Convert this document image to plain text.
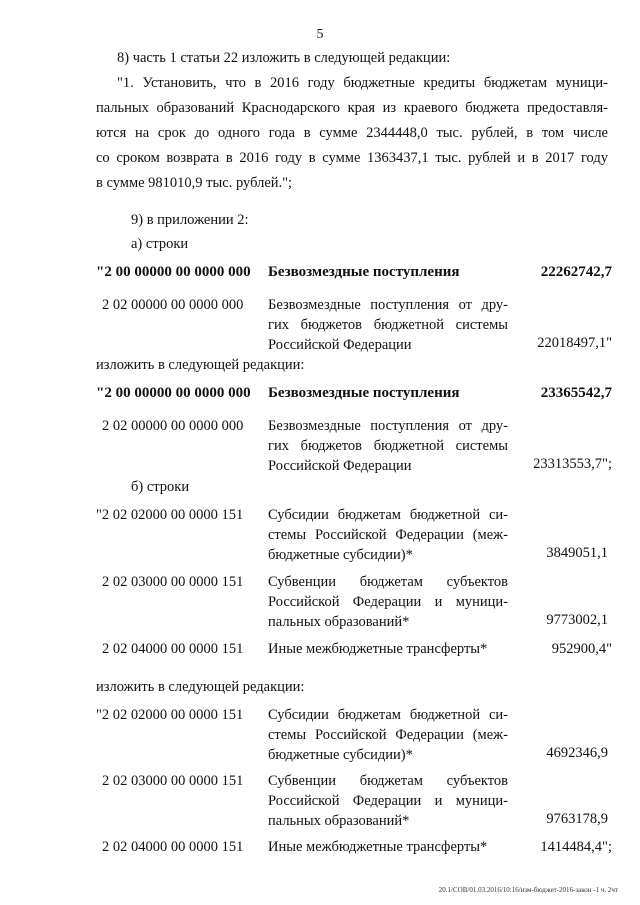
5
8) часть 1 статьи 22 изложить в следующей редакции:
"1. Установить, что в 2016 году бюджетные кредиты бюджетам муници-
пальных образований Краснодарского края из краевого бюджета предоставля-
ются на срок до одного года в сумме 2344448,0 тыс. рублей, в том числе
со сроком возврата в 2016 году в сумме 1363437,1 тыс. рублей и в 2017 году
в сумме 981010,9 тыс. рублей.";
9) в приложении 2:
а) строки
"2 00 00000 00 0000 000	Безвозмездные поступления	22262742,7
2 02 00000 00 0000 000	Безвозмездные поступления от дру-
гих бюджетов бюджетной системы
Российской Федерации	22018497,1"
изложить в следующей редакции:
"2 00 00000 00 0000 000	Безвозмездные поступления	23365542,7
2 02 00000 00 0000 000	Безвозмездные поступления от дру-
гих бюджетов бюджетной системы
Российской Федерации	23313553,7";
б) строки
"2 02 02000 00 0000 151	Субсидии бюджетам бюджетной си-
стемы Российской Федерации (меж-
бюджетные субсидии)*	3849051,1
2 02 03000 00 0000 151	Субвенции бюджетам субъектов
Российской Федерации и муници-
пальных образований*	9773002,1
2 02 04000 00 0000 151	Иные межбюджетные трансферты*	952900,4"
изложить в следующей редакции:
"2 02 02000 00 0000 151	Субсидии бюджетам бюджетной си-
стемы Российской Федерации (меж-
бюджетные субсидии)*	4692346,9
2 02 03000 00 0000 151	Субвенции бюджетам субъектов
Российской Федерации и муници-
пальных образований*	9763178,9
2 02 04000 00 0000 151	Иные межбюджетные трансферты*	1414484,4";
20.1/СОВ/01.03.2016/10:16/изм-бюджет-2016-закон -1 ч. 2чт
